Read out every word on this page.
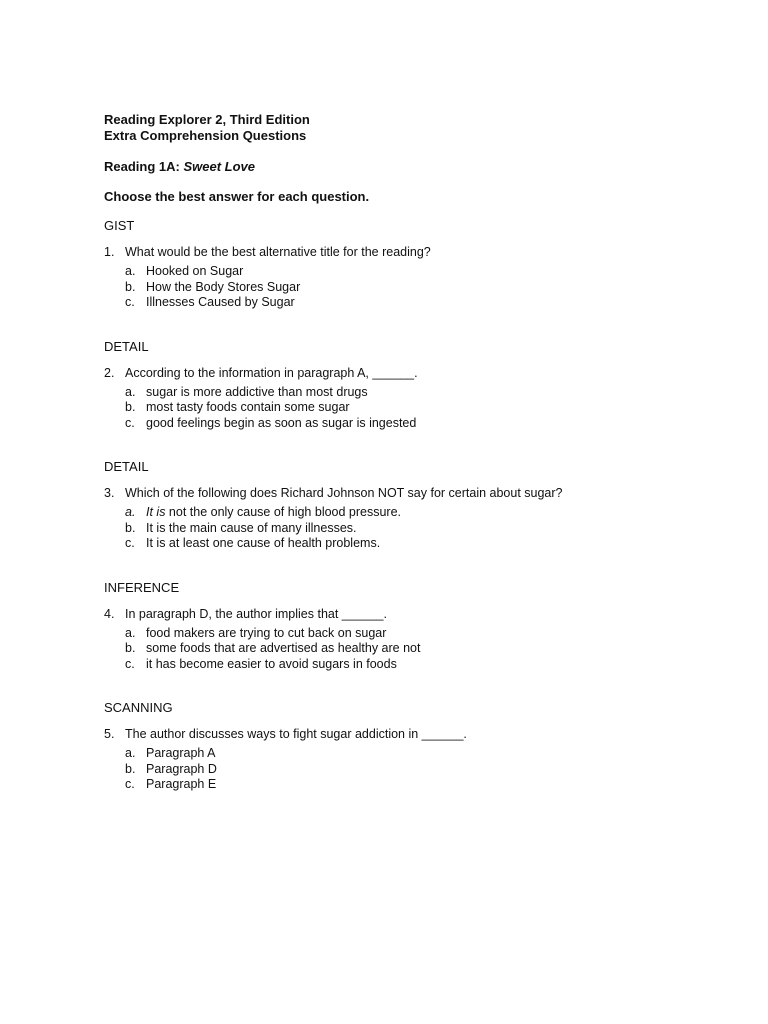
Reading Explorer 2, Third Edition
Extra Comprehension Questions
Reading 1A: Sweet Love
Choose the best answer for each question.
GIST
1. What would be the best alternative title for the reading?
a. Hooked on Sugar
b. How the Body Stores Sugar
c. Illnesses Caused by Sugar
DETAIL
2. According to the information in paragraph A, ______.
a. sugar is more addictive than most drugs
b. most tasty foods contain some sugar
c. good feelings begin as soon as sugar is ingested
DETAIL
3. Which of the following does Richard Johnson NOT say for certain about sugar?
a. It is not the only cause of high blood pressure.
b. It is the main cause of many illnesses.
c. It is at least one cause of health problems.
INFERENCE
4. In paragraph D, the author implies that ______.
a. food makers are trying to cut back on sugar
b. some foods that are advertised as healthy are not
c. it has become easier to avoid sugars in foods
SCANNING
5. The author discusses ways to fight sugar addiction in ______.
a. Paragraph A
b. Paragraph D
c. Paragraph E
